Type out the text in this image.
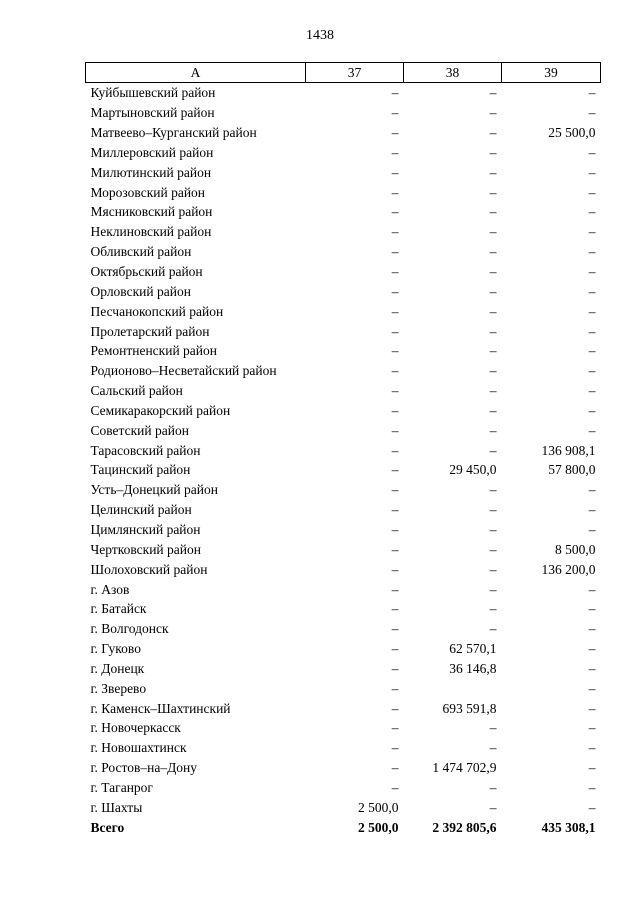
1438
А	37	38	39
Куйбышевский район	–	–	–
Мартыновский район	–	–	–
Матвеево–Курганский район	–	–	25 500,0
Миллеровский район	–	–	–
Милютинский район	–	–	–
Морозовский район	–	–	–
Мясниковский район	–	–	–
Неклиновский район	–	–	–
Обливский район	–	–	–
Октябрьский район	–	–	–
Орловский район	–	–	–
Песчанокопский район	–	–	–
Пролетарский район	–	–	–
Ремонтненский район	–	–	–
Родионово–Несветайский район	–	–	–
Сальский район	–	–	–
Семикаракорский район	–	–	–
Советский район	–	–	–
Тарасовский район	–	–	136 908,1
Тацинский район	–	29 450,0	57 800,0
Усть–Донецкий район	–	–	–
Целинский район	–	–	–
Цимлянский район	–	–	–
Чертковский район	–	–	8 500,0
Шолоховский район	–	–	136 200,0
г. Азов	–	–	–
г. Батайск	–	–	–
г. Волгодонск	–	–	–
г. Гуково	–	62 570,1	–
г. Донецк	–	36 146,8	–
г. Зверево	–		–
г. Каменск–Шахтинский	–	693 591,8	–
г. Новочеркасск	–	–	–
г. Новошахтинск	–	–	–
г. Ростов–на–Дону	–	1 474 702,9	–
г. Таганрог	–	–	–
г. Шахты	2 500,0	–	–
Всего	2 500,0	2 392 805,6	435 308,1
